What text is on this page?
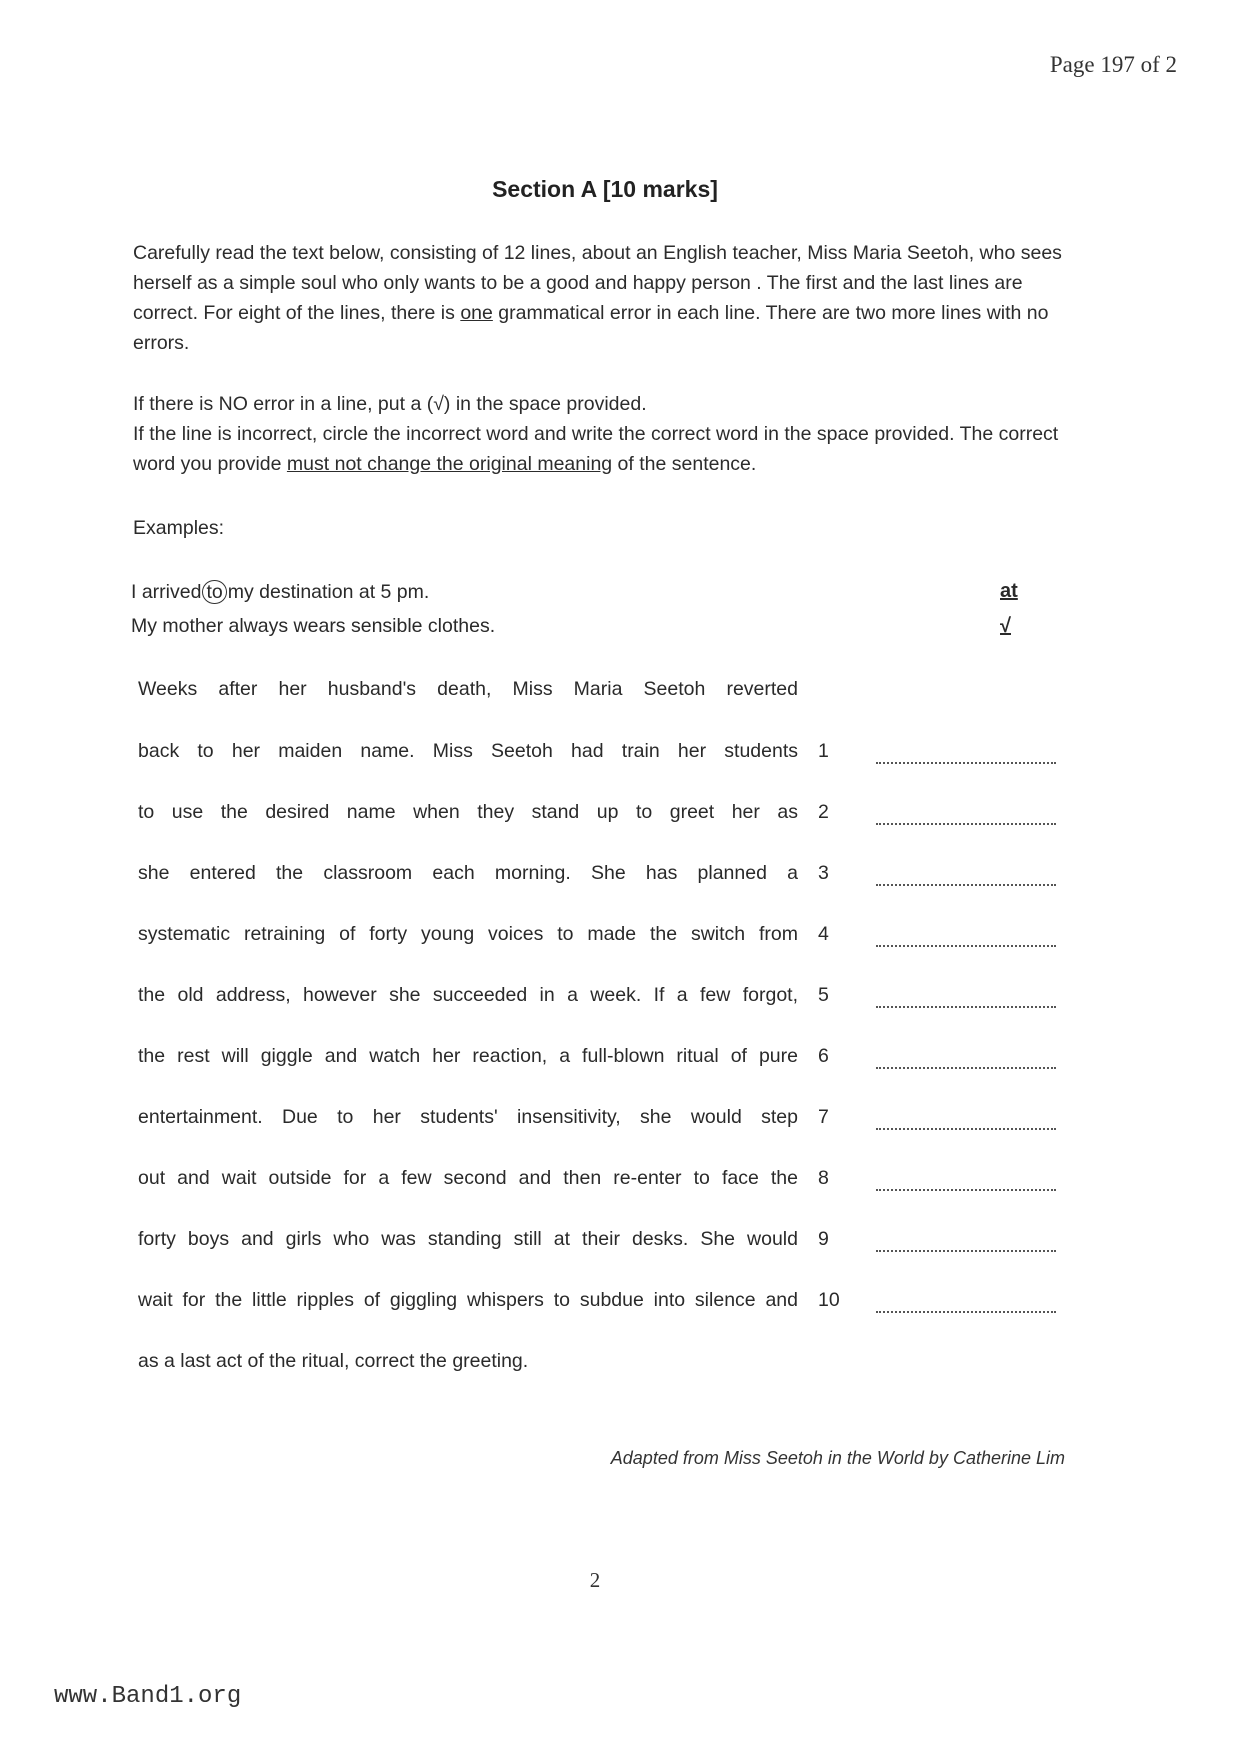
Page 197 of 2
Section A [10 marks]
Carefully read the text below, consisting of 12 lines, about an English teacher, Miss Maria Seetoh, who sees herself as a simple soul who only wants to be a good and happy person . The first and the last lines are correct. For eight of the lines, there is one grammatical error in each line. There are two more lines with no errors.
If there is NO error in a line, put a (√) in the space provided.
If the line is incorrect, circle the incorrect word and write the correct word in the space provided. The correct word you provide must not change the original meaning of the sentence.
Examples:
I arrived to my destination at 5 pm.	at
My mother always wears sensible clothes.	√
Weeks after her husband's death, Miss Maria Seetoh reverted
back to her maiden name. Miss Seetoh had train her students 1
to use the desired name when they stand up to greet her as 2
she entered the classroom each morning. She has planned a 3
systematic retraining of forty young voices to made the switch from 4
the old address, however she succeeded in a week. If a few forgot, 5
the rest will giggle and watch her reaction, a full-blown ritual of pure 6
entertainment. Due to her students' insensitivity, she would step 7
out and wait outside for a few second and then re-enter to face the 8
forty boys and girls who was standing still at their desks. She would 9
wait for the little ripples of giggling whispers to subdue into silence and 10
as a last act of the ritual, correct the greeting.
Adapted from Miss Seetoh in the World by Catherine Lim
2
www.Band1.org
